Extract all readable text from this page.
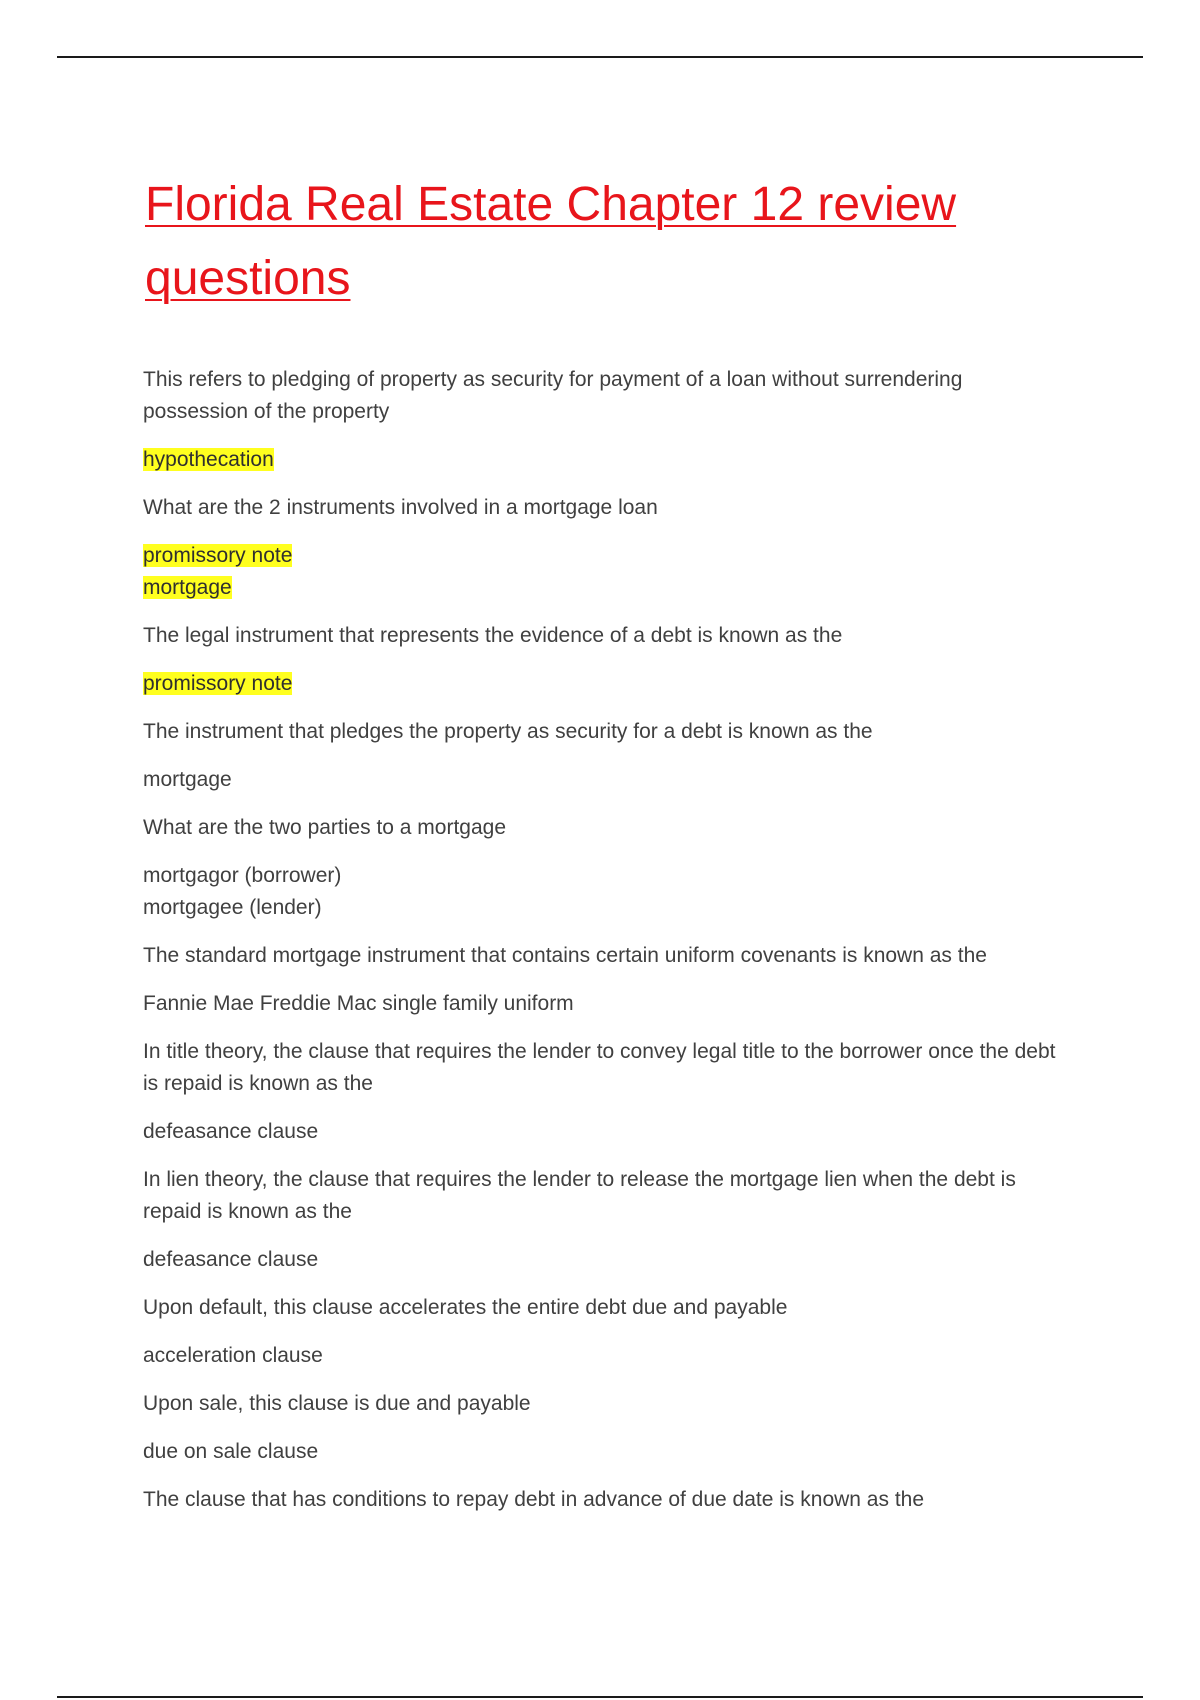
Florida Real Estate Chapter 12 review questions

This refers to pledging of property as security for payment of a loan without surrendering possession of the property

hypothecation

What are the 2 instruments involved in a mortgage loan

promissory note
mortgage

The legal instrument that represents the evidence of a debt is known as the

promissory note

The instrument that pledges the property as security for a debt is known as the

mortgage

What are the two parties to a mortgage

mortgagor (borrower)
mortgagee (lender)

The standard mortgage instrument that contains certain uniform covenants is known as the

Fannie Mae Freddie Mac single family uniform

In title theory, the clause that requires the lender to convey legal title to the borrower once the debt is repaid is known as the

defeasance clause

In lien theory, the clause that requires the lender to release the mortgage lien when the debt is repaid is known as the

defeasance clause

Upon default, this clause accelerates the entire debt due and payable

acceleration clause

Upon sale, this clause is due and payable

due on sale clause

The clause that has conditions to repay debt in advance of due date is known as the
